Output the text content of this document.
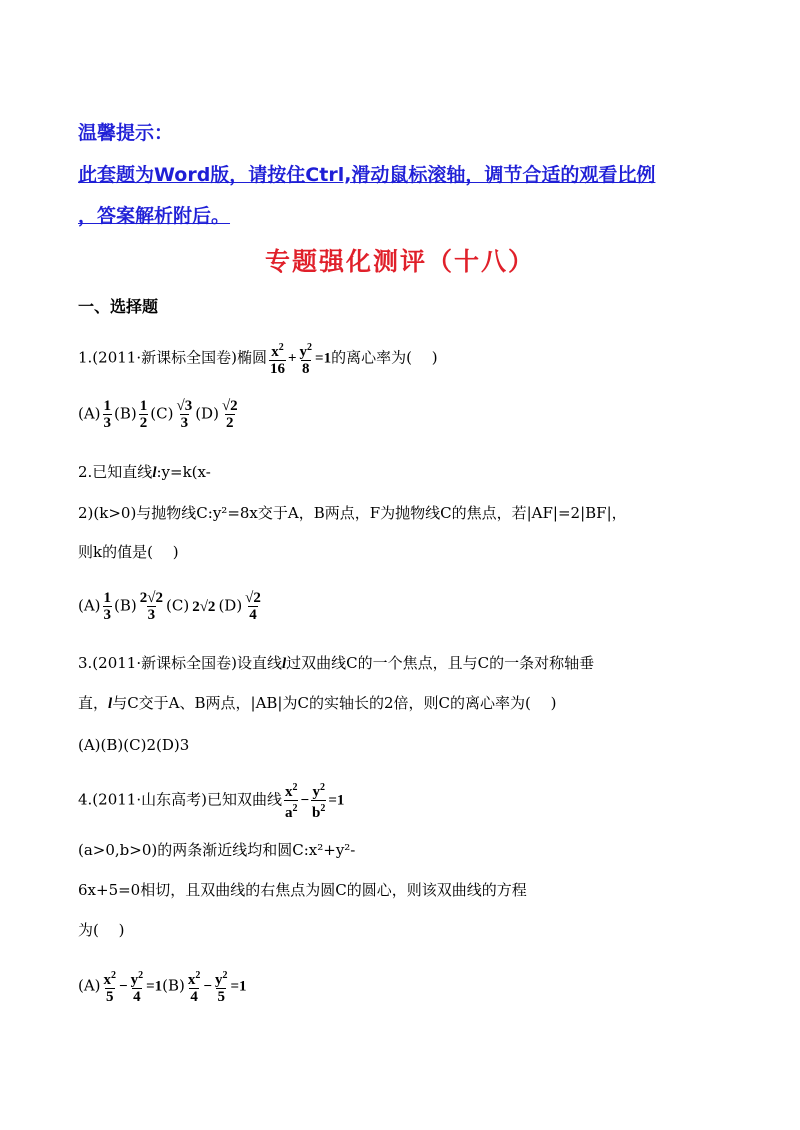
温馨提示：
此套题为Word版，请按住Ctrl,滑动鼠标滚轴，调节合适的观看比例
，答案解析附后。
专题强化测评（十八）
一、选择题
1.(2011·新课标全国卷)椭圆 $\frac{x^2}{16} + \frac{y^2}{8} =1$的离心率为(　 )
$(A) \frac{1}{3} (B) \frac{1}{2} (C) \frac{√3}{3} (D) \frac{√2}{2}$
2.已知直线l:y=k(x-
2)(k>0)与抛物线C:y²=8x交于A，B两点，F为抛物线C的焦点，若|AF|=2|BF|，
则k的值是(　 )
$(A) \frac{1}{3} (B) \frac{2√2}{3} (C)$ 2√2 $(D) \frac{√2}{4}$
3.(2011·新课标全国卷)设直线l过双曲线C的一个焦点，且与C的一条对称轴垂
直，l与C交于A、B两点，|AB|为C的实轴长的2倍，则C的离心率为(　 )
(A)(B)(C)2(D)3
4.(2011·山东高考)已知双曲线 $\frac{x^2}{a^2} - \frac{y^2}{b^2} =1$
(a>0,b>0)的两条渐近线均和圆C:x²+y²-
6x+5=0相切，且双曲线的右焦点为圆C的圆心，则该双曲线的方程
为(　 )
$(A) \frac{x^2}{5} - \frac{y^2}{4} =1(B) \frac{x^2}{4} - \frac{y^2}{5} =1$
